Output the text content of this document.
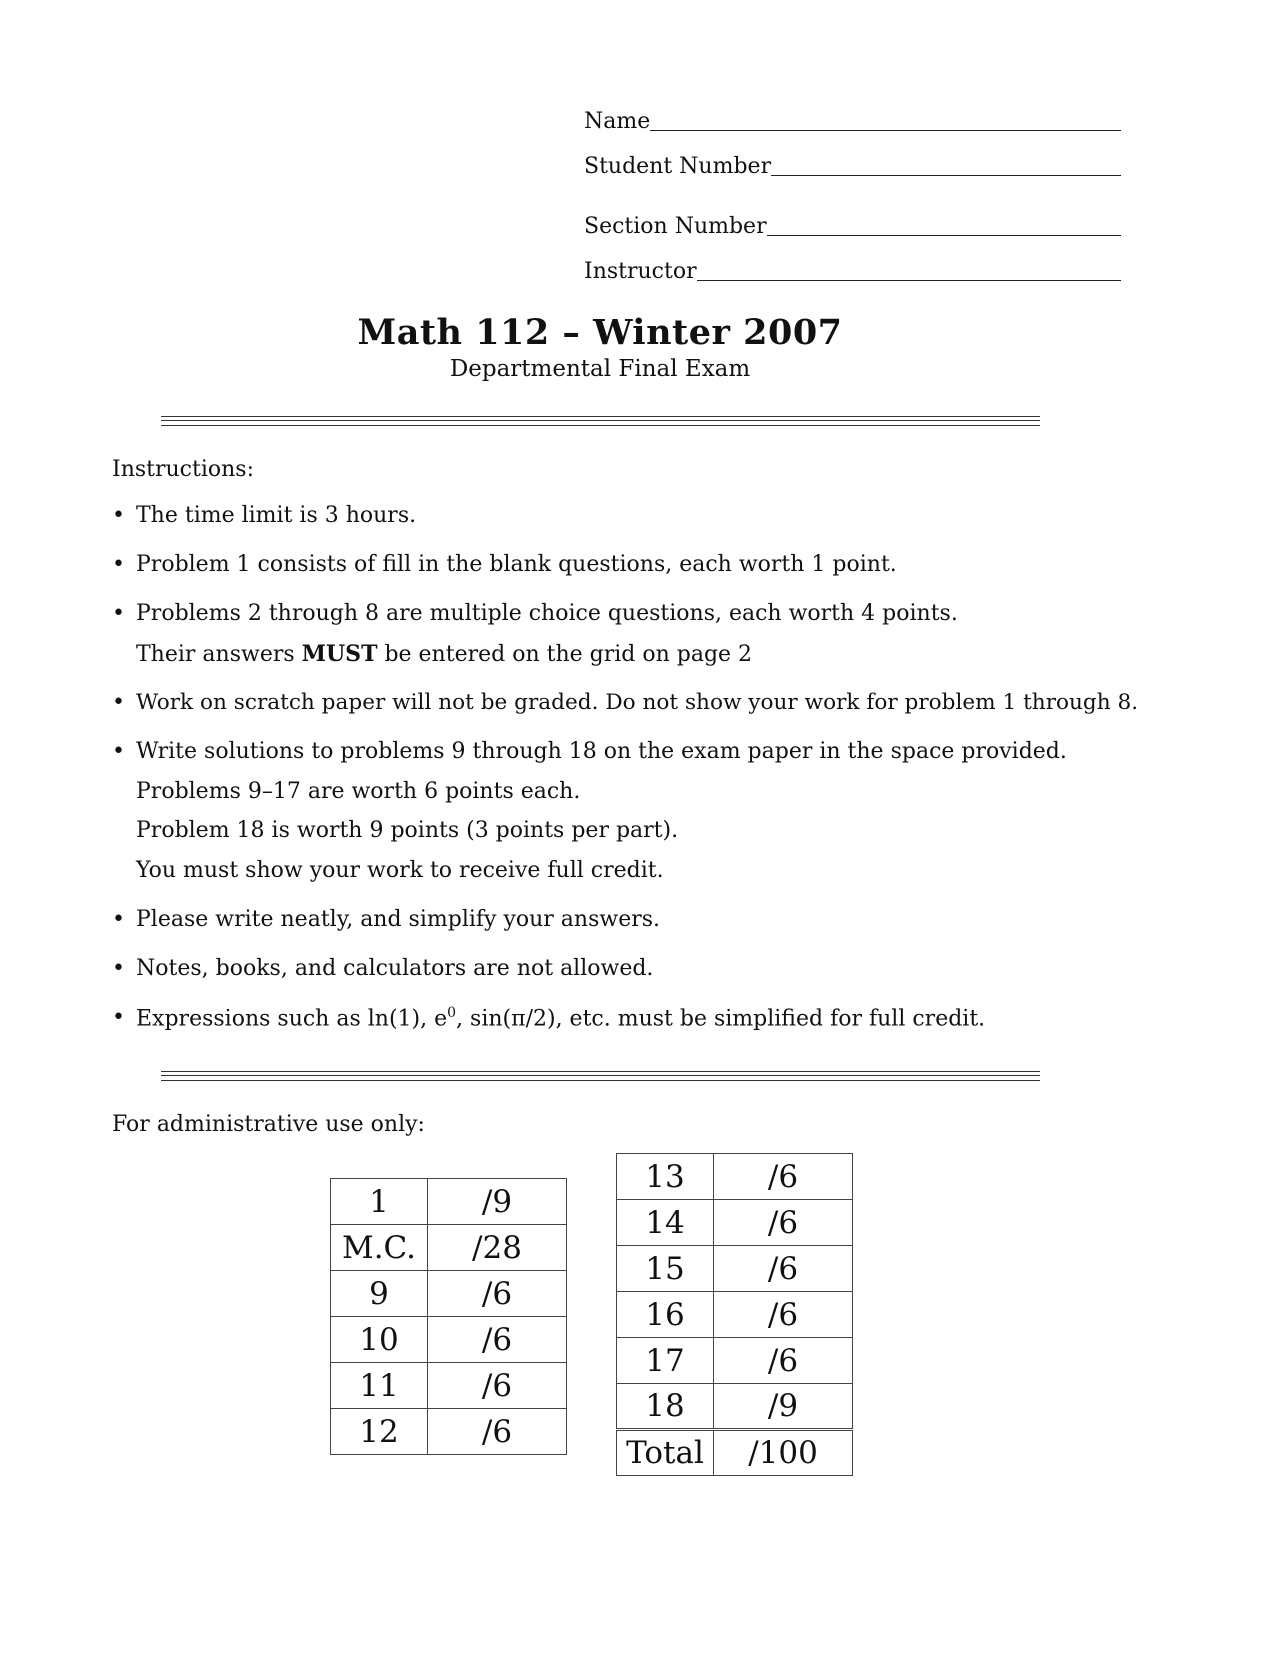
Name
Student Number
Section Number
Instructor
Math 112 – Winter 2007
Departmental Final Exam
Instructions:
•
The time limit is 3 hours.
•
Problem 1 consists of fill in the blank questions, each worth 1 point.
•
Problems 2 through 8 are multiple choice questions, each worth 4 points.
Their answers MUST be entered on the grid on page 2
•
Work on scratch paper will not be graded. Do not show your work for problem 1 through 8.
•
Write solutions to problems 9 through 18 on the exam paper in the space provided.
Problems 9–17 are worth 6 points each.
Problem 18 is worth 9 points (3 points per part).
You must show your work to receive full credit.
•
Please write neatly, and simplify your answers.
•
Notes, books, and calculators are not allowed.
•
Expressions such as ln(1), $e^0$, sin(π/2), etc. must be simplified for full credit.
For administrative use only:
1	/9
M.C.	/28
9	/6
10	/6
11	/6
12	/6
13	/6
14	/6
15	/6
16	/6
17	/6
18	/9
Total	/100
